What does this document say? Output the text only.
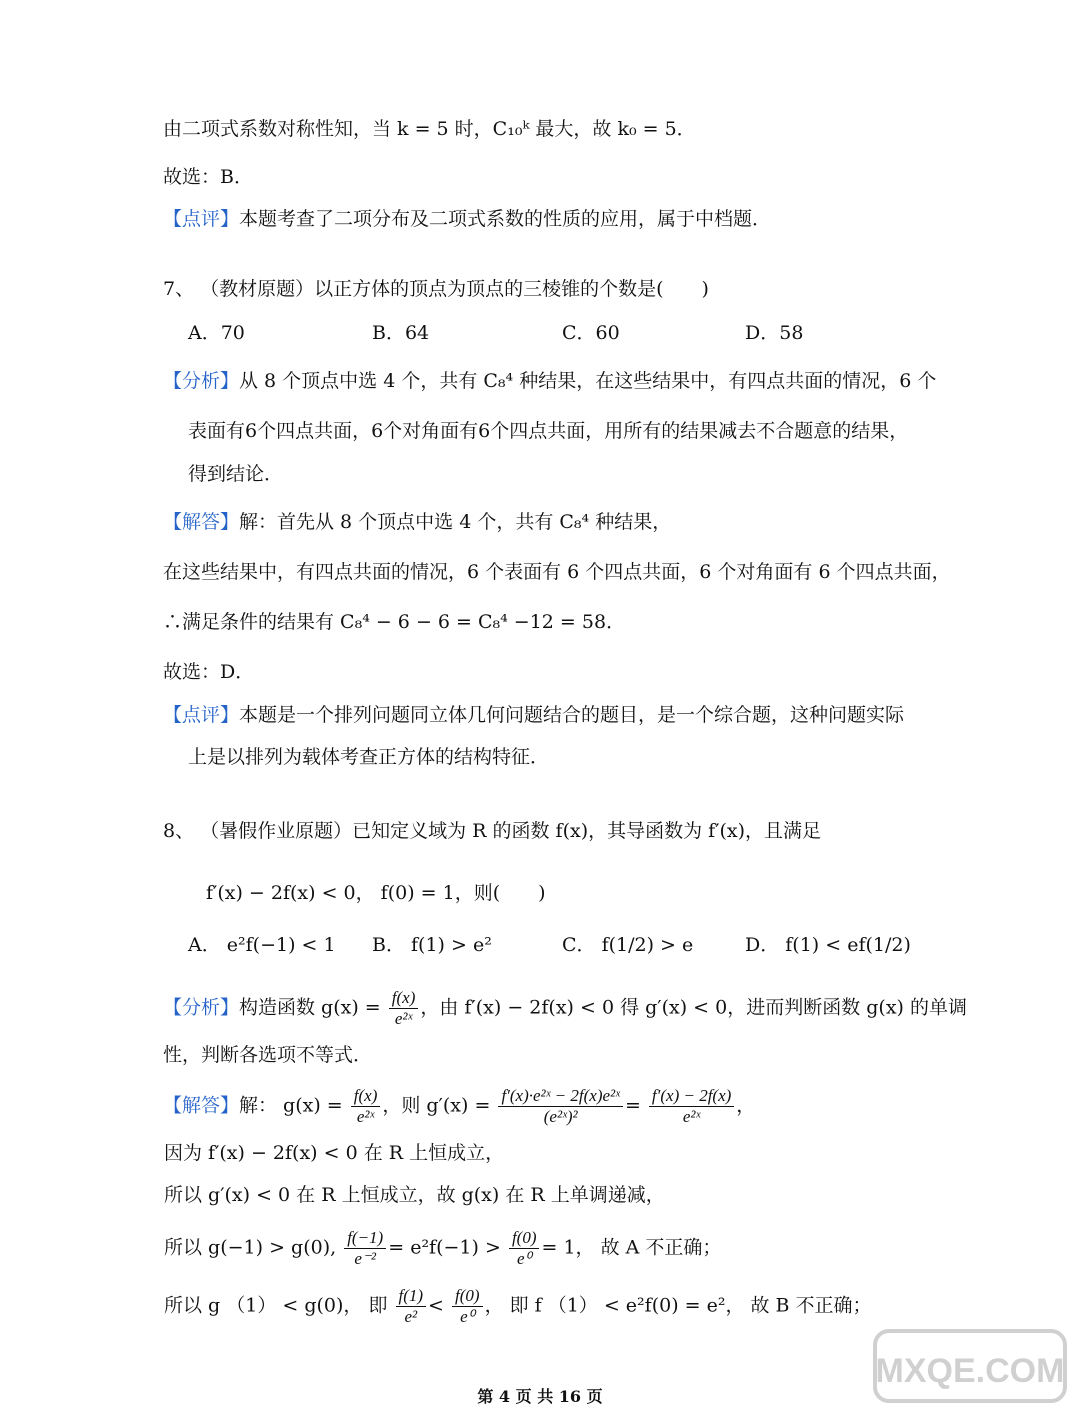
由二项式系数对称性知，当 k = 5 时，C₁₀ᵏ 最大，故 k₀ = 5．
故选：B．
【点评】本题考查了二项分布及二项式系数的性质的应用，属于中档题．
7、 （教材原题）以正方体的顶点为顶点的三棱锥的个数是(　　)
A．70	B．64	C．60	D．58
【分析】从 8 个顶点中选 4 个，共有 C₈⁴ 种结果，在这些结果中，有四点共面的情况，6 个
表面有6个四点共面，6个对角面有6个四点共面，用所有的结果减去不合题意的结果，
得到结论．
【解答】解：首先从 8 个顶点中选 4 个，共有 C₈⁴ 种结果，
在这些结果中，有四点共面的情况，6 个表面有 6 个四点共面，6 个对角面有 6 个四点共面，
∴满足条件的结果有 C₈⁴ − 6 − 6 = C₈⁴ −12 = 58．
故选：D．
【点评】本题是一个排列问题同立体几何问题结合的题目，是一个综合题，这种问题实际
上是以排列为载体考查正方体的结构特征．
8、 （暑假作业原题）已知定义域为 R 的函数 f(x)，其导函数为 f′(x)，且满足
f′(x) − 2f(x) < 0， f(0) = 1，则(　　)
A． e²f(−1) < 1 B． f(1) > e²	C． f(1/2) > e	D． f(1) < ef(1/2)
【分析】构造函数 $g(x) = \frac{f(x)}{\text{e²ˣ}}$ ，由 f′(x) − 2f(x) < 0 得 g′(x) < 0，进而判断函数 g(x) 的单调
性，判断各选项不等式．
【解答】解： $g(x) = \frac{f(x)}{\text{e²ˣ}}$ ，则 $g'(x) = \frac{\text{f′(x)·e²ˣ − 2f(x)e²ˣ}}{\text{(e²ˣ)²}} = \frac{f'(x) - 2f(x)}{\text{e²ˣ}}$ ，
因为 f′(x) − 2f(x) < 0 在 R 上恒成立，
所以 g′(x) < 0 在 R 上恒成立，故 g(x) 在 R 上单调递减，
所以 g(−1) > g(0), $\frac{f(-1)}{\text{e⁻²}} = e^2f(-1) > \frac{f(0)}{\text{e⁰}} = 1$， 故 A 不正确；
所以 g （1） < g(0)， 即 $\frac{f(1)}{\text{e²}} < \frac{f(0)}{\text{e⁰}}$ ， 即 f （1） < e²f(0) = e²， 故 B 不正确；
MXQE.COM
第 4 页 共 16 页
